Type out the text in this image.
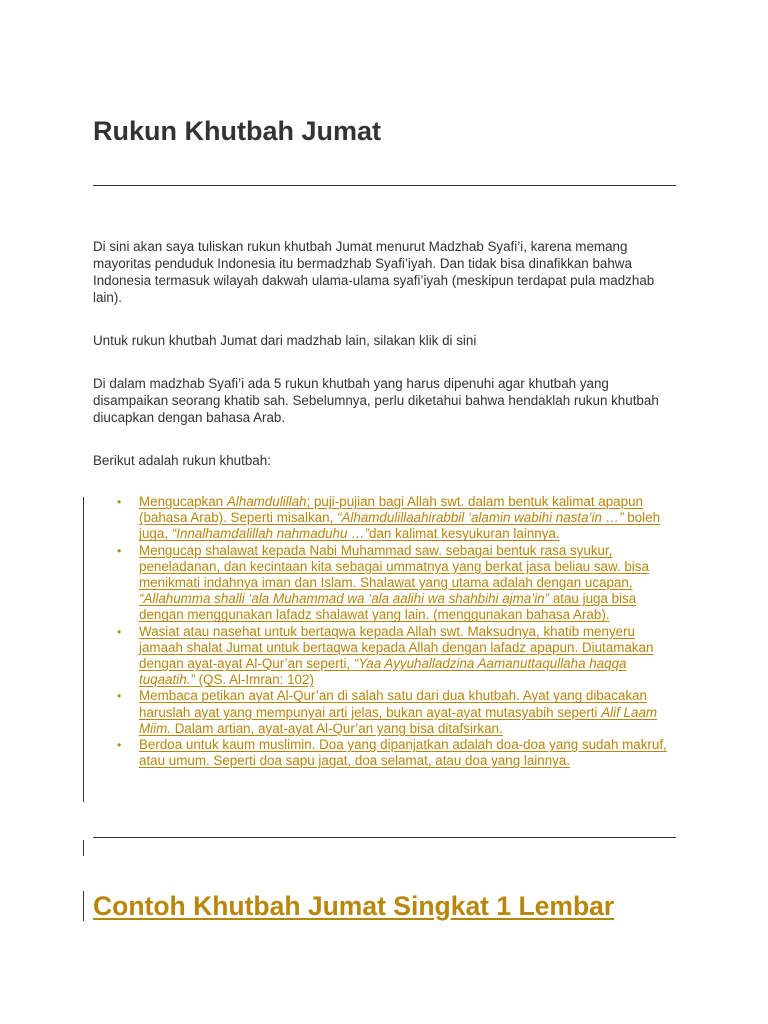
Rukun Khutbah Jumat

Di sini akan saya tuliskan rukun khutbah Jumat menurut Madzhab Syafi’i, karena memang mayoritas penduduk Indonesia itu bermadzhab Syafi’iyah. Dan tidak bisa dinafikkan bahwa Indonesia termasuk wilayah dakwah ulama-ulama syafi’iyah (meskipun terdapat pula madzhab lain).

Untuk rukun khutbah Jumat dari madzhab lain, silakan klik di sini

Di dalam madzhab Syafi’i ada 5 rukun khutbah yang harus dipenuhi agar khutbah yang disampaikan seorang khatib sah. Sebelumnya, perlu diketahui bahwa hendaklah rukun khutbah diucapkan dengan bahasa Arab.

Berikut adalah rukun khutbah:

• Mengucapkan Alhamdulillah; puji-pujian bagi Allah swt. dalam bentuk kalimat apapun (bahasa Arab). Seperti misalkan, “Alhamdulillaahirabbil ‘alamin wabihi nasta’in …” boleh juga, “Innalhamdalillah nahmaduhu …”dan kalimat kesyukuran lainnya.
• Mengucap shalawat kepada Nabi Muhammad saw. sebagai bentuk rasa syukur, peneladanan, dan kecintaan kita sebagai ummatnya yang berkat jasa beliau saw. bisa menikmati indahnya iman dan Islam. Shalawat yang utama adalah dengan ucapan, “Allahumma shalli ‘ala Muhammad wa ‘ala aalihi wa shahbihi ajma’in” atau juga bisa dengan menggunakan lafadz shalawat yang lain. (menggunakan bahasa Arab).
• Wasiat atau nasehat untuk bertaqwa kepada Allah swt. Maksudnya, khatib menyeru jamaah shalat Jumat untuk bertaqwa kepada Allah dengan lafadz apapun. Diutamakan dengan ayat-ayat Al-Qur’an seperti, “Yaa Ayyuhalladzina Aamanuttaqullaha haqqa tuqaatih.” (QS. Al-Imran: 102)
• Membaca petikan ayat Al-Qur’an di salah satu dari dua khutbah. Ayat yang dibacakan haruslah ayat yang mempunyai arti jelas, bukan ayat-ayat mutasyabih seperti Alif Laam Miim. Dalam artian, ayat-ayat Al-Qur’an yang bisa ditafsirkan.
• Berdoa untuk kaum muslimin. Doa yang dipanjatkan adalah doa-doa yang sudah makruf, atau umum. Seperti doa sapu jagat, doa selamat, atau doa yang lainnya.
Contoh Khutbah Jumat Singkat 1 Lembar
